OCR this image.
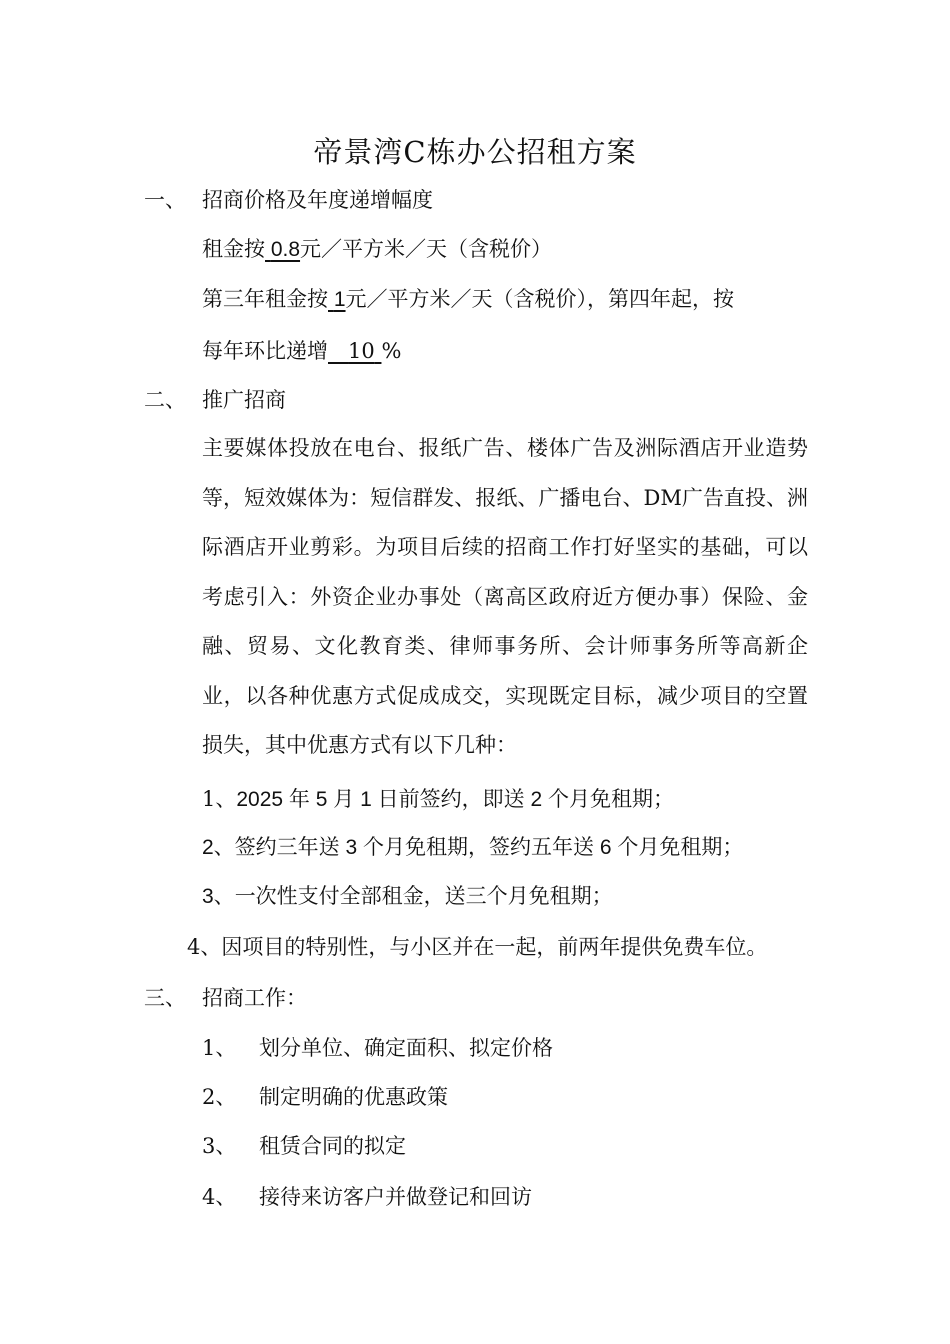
帝景湾C栋办公招租方案
一、 招商价格及年度递增幅度
租金按 0.8元／平方米／天（含税价）
第三年租金按 1元／平方米／天（含税价），第四年起，按
每年环比递增 10 %
二、 推广招商
主要媒体投放在电台、报纸广告、楼体广告及洲际酒店开业造势等，短效媒体为：短信群发、报纸、广播电台、DM广告直投、洲际酒店开业剪彩。为项目后续的招商工作打好坚实的基础，可以考虑引入：外资企业办事处（离高区政府近方便办事）保险、金融、贸易、文化教育类、律师事务所、会计师事务所等高新企业，以各种优惠方式促成成交，实现既定目标，减少项目的空置损失，其中优惠方式有以下几种：
1、2025 年 5 月 1 日前签约，即送 2 个月免租期；
2、签约三年送 3 个月免租期，签约五年送 6 个月免租期；
3、一次性支付全部租金，送三个月免租期；
4、因项目的特别性，与小区并在一起，前两年提供免费车位。
三、 招商工作：
1、 划分单位、确定面积、拟定价格
2、 制定明确的优惠政策
3、 租赁合同的拟定
4、 接待来访客户并做登记和回访
